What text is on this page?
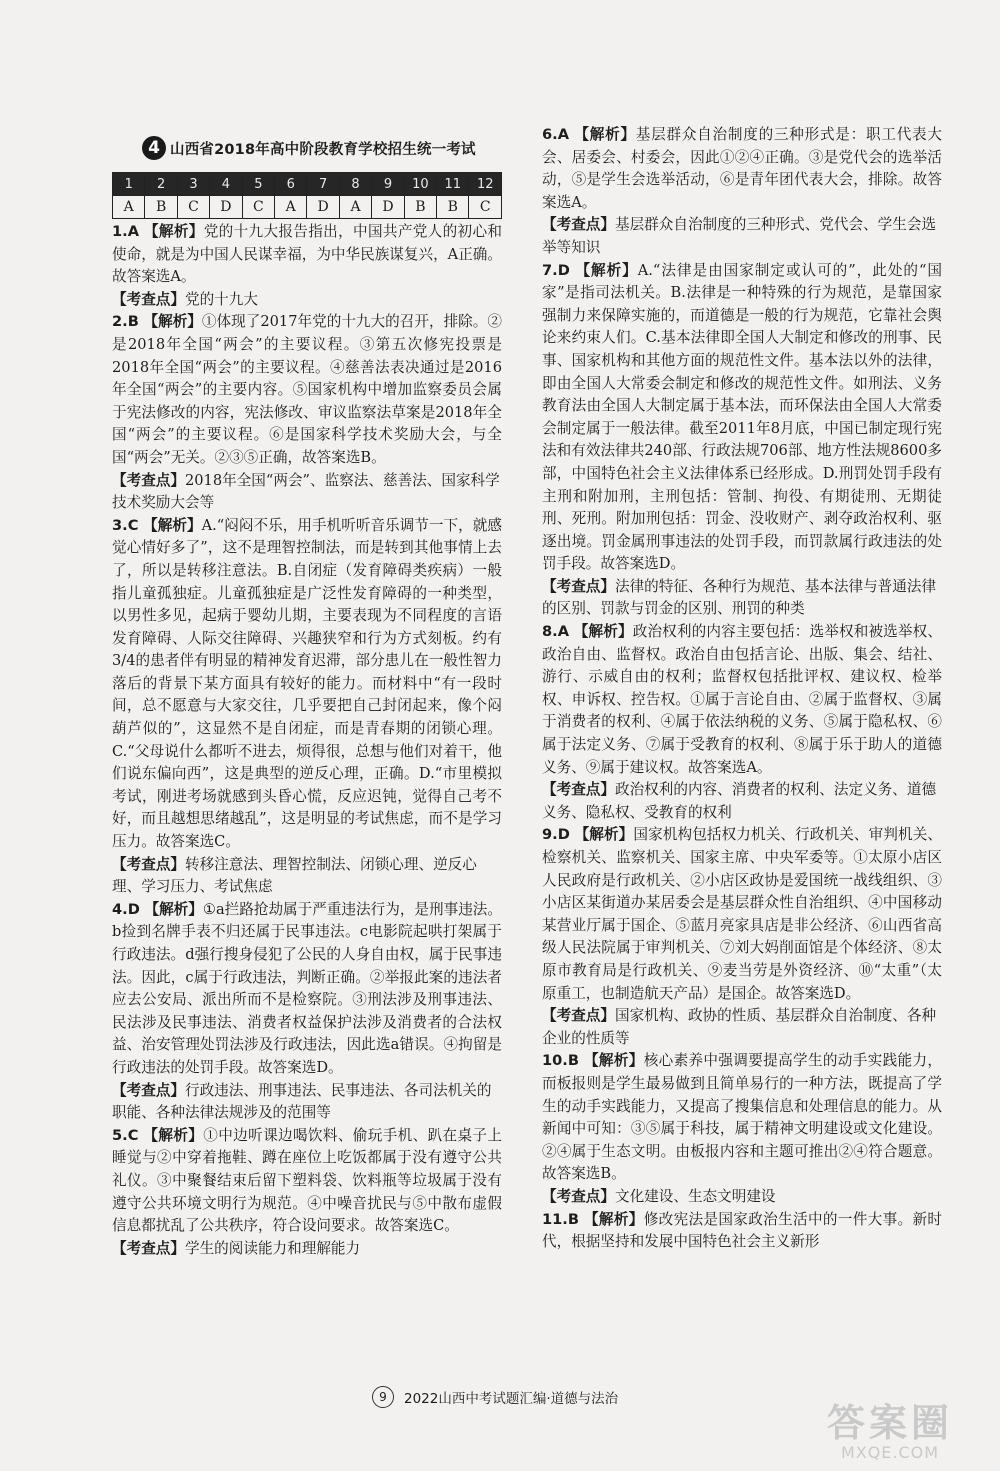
4 山西省2018年高中阶段教育学校招生统一考试
1	2	3	4	5	6	7	8	9	10	11	12
A	B	C	D	C	A	D	A	D	B	B	C
1.A 【解析】党的十九大报告指出，中国共产党人的初心和使命，就是为中国人民谋幸福，为中华民族谋复兴，A正确。故答案选A。
【考查点】党的十九大
2.B 【解析】①体现了2017年党的十九大的召开，排除。②是2018年全国“两会”的主要议程。③第五次修宪投票是2018年全国“两会”的主要议程。④慈善法表决通过是2016年全国“两会”的主要内容。⑤国家机构中增加监察委员会属于宪法修改的内容，宪法修改、审议监察法草案是2018年全国“两会”的主要议程。⑥是国家科学技术奖励大会，与全国“两会”无关。②③⑤正确，故答案选B。
【考查点】2018年全国“两会”、监察法、慈善法、国家科学技术奖励大会等
3.C 【解析】A.“闷闷不乐，用手机听听音乐调节一下，就感觉心情好多了”，这不是理智控制法，而是转到其他事情上去了，所以是转移注意法。B.自闭症（发育障碍类疾病）一般指儿童孤独症。儿童孤独症是广泛性发育障碍的一种类型，以男性多见，起病于婴幼儿期，主要表现为不同程度的言语发育障碍、人际交往障碍、兴趣狭窄和行为方式刻板。约有3/4的患者伴有明显的精神发育迟滞，部分患儿在一般性智力落后的背景下某方面具有较好的能力。而材料中“有一段时间，总不愿意与大家交往，几乎要把自己封闭起来，像个闷葫芦似的”，这显然不是自闭症，而是青春期的闭锁心理。C.“父母说什么都听不进去，烦得很，总想与他们对着干，他们说东偏向西”，这是典型的逆反心理，正确。D.“市里模拟考试，刚进考场就感到头昏心慌，反应迟钝，觉得自己考不好，而且越想思绪越乱”，这是明显的考试焦虑，而不是学习压力。故答案选C。
【考查点】转移注意法、理智控制法、闭锁心理、逆反心理、学习压力、考试焦虑
4.D 【解析】①a拦路抢劫属于严重违法行为，是刑事违法。b捡到名牌手表不归还属于民事违法。c电影院起哄打架属于行政违法。d强行搜身侵犯了公民的人身自由权，属于民事违法。因此，c属于行政违法，判断正确。②举报此案的违法者应去公安局、派出所而不是检察院。③刑法涉及刑事违法、民法涉及民事违法、消费者权益保护法涉及消费者的合法权益、治安管理处罚法涉及行政违法，因此选a错误。④拘留是行政违法的处罚手段。故答案选D。
【考查点】行政违法、刑事违法、民事违法、各司法机关的职能、各种法律法规涉及的范围等
5.C 【解析】①中边听课边喝饮料、偷玩手机、趴在桌子上睡觉与②中穿着拖鞋、蹲在座位上吃饭都属于没有遵守公共礼仪。③中聚餐结束后留下塑料袋、饮料瓶等垃圾属于没有遵守公共环境文明行为规范。④中噪音扰民与⑤中散布虚假信息都扰乱了公共秩序，符合设问要求。故答案选C。
【考查点】学生的阅读能力和理解能力
6.A 【解析】基层群众自治制度的三种形式是：职工代表大会、居委会、村委会，因此①②④正确。③是党代会的选举活动，⑤是学生会选举活动，⑥是青年团代表大会，排除。故答案选A。
【考查点】基层群众自治制度的三种形式、党代会、学生会选举等知识
7.D 【解析】A.“法律是由国家制定或认可的”，此处的“国家”是指司法机关。B.法律是一种特殊的行为规范，是靠国家强制力来保障实施的，而道德是一般的行为规范，它靠社会舆论来约束人们。C.基本法律即全国人大制定和修改的刑事、民事、国家机构和其他方面的规范性文件。基本法以外的法律，即由全国人大常委会制定和修改的规范性文件。如刑法、义务教育法由全国人大制定属于基本法，而环保法由全国人大常委会制定属于一般法律。截至2011年8月底，中国已制定现行宪法和有效法律共240部、行政法规706部、地方性法规8600多部，中国特色社会主义法律体系已经形成。D.刑罚处罚手段有主刑和附加刑，主刑包括：管制、拘役、有期徒刑、无期徒刑、死刑。附加刑包括：罚金、没收财产、剥夺政治权利、驱逐出境。罚金属刑事违法的处罚手段，而罚款属行政违法的处罚手段。故答案选D。
【考查点】法律的特征、各种行为规范、基本法律与普通法律的区别、罚款与罚金的区别、刑罚的种类
8.A 【解析】政治权利的内容主要包括：选举权和被选举权、政治自由、监督权。政治自由包括言论、出版、集会、结社、游行、示威自由的权利；监督权包括批评权、建议权、检举权、申诉权、控告权。①属于言论自由、②属于监督权、③属于消费者的权利、④属于依法纳税的义务、⑤属于隐私权、⑥属于法定义务、⑦属于受教育的权利、⑧属于乐于助人的道德义务、⑨属于建议权。故答案选A。
【考查点】政治权利的内容、消费者的权利、法定义务、道德义务、隐私权、受教育的权利
9.D 【解析】国家机构包括权力机关、行政机关、审判机关、检察机关、监察机关、国家主席、中央军委等。①太原小店区人民政府是行政机关、②小店区政协是爱国统一战线组织、③小店区某街道办某居委会是基层群众性自治组织、④中国移动某营业厅属于国企、⑤蓝月亮家具店是非公经济、⑥山西省高级人民法院属于审判机关、⑦刘大妈削面馆是个体经济、⑧太原市教育局是行政机关、⑨麦当劳是外资经济、⑩“太重”（太原重工，也制造航天产品）是国企。故答案选D。
【考查点】国家机构、政协的性质、基层群众自治制度、各种企业的性质等
10.B 【解析】核心素养中强调要提高学生的动手实践能力，而板报则是学生最易做到且简单易行的一种方法，既提高了学生的动手实践能力，又提高了搜集信息和处理信息的能力。从新闻中可知：③⑤属于科技，属于精神文明建设或文化建设。②④属于生态文明。由板报内容和主题可推出②④符合题意。故答案选B。
【考查点】文化建设、生态文明建设
11.B 【解析】修改宪法是国家政治生活中的一件大事。新时代，根据坚持和发展中国特色社会主义新形
9	2022山西中考试题汇编·道德与法治
答案圈
MXQE.COM
